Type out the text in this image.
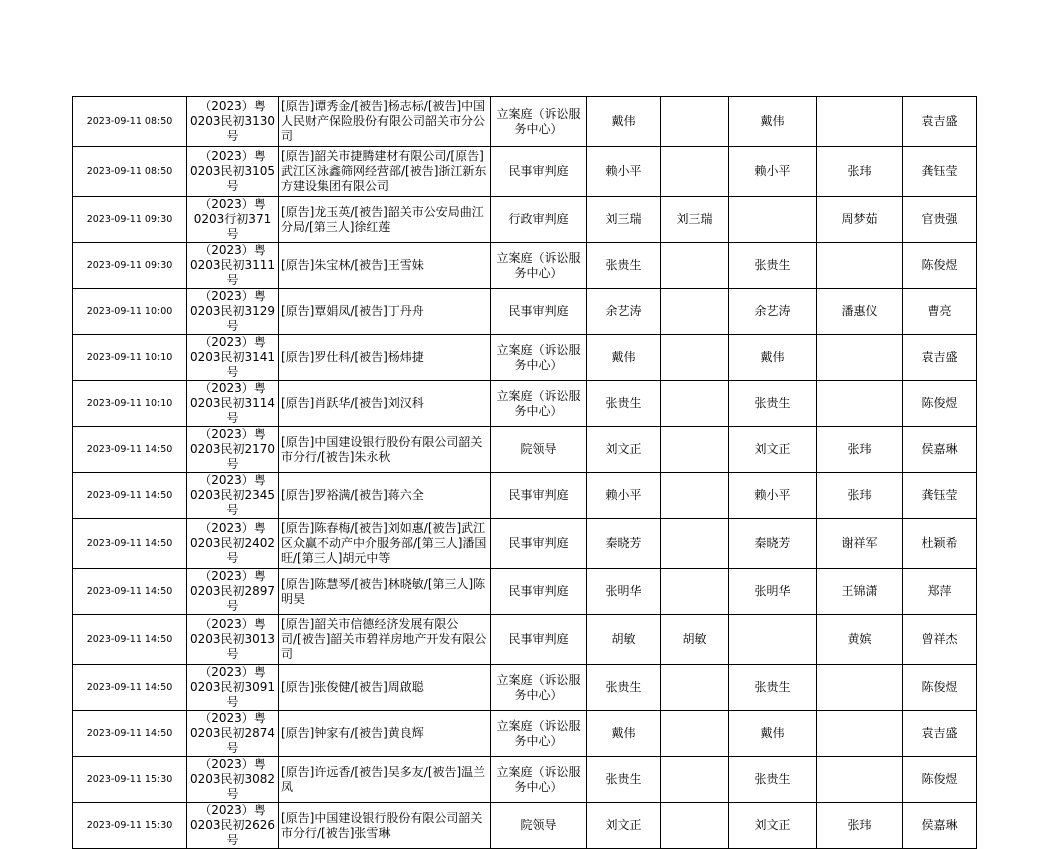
2023-09-11 08:50	（2023）粤0203民初3130号	[原告]谭秀金/[被告]杨志标/[被告]中国人民财产保险股份有限公司韶关市分公司	立案庭（诉讼服务中心）	戴伟		戴伟		袁吉盛
2023-09-11 08:50	（2023）粤0203民初3105号	[原告]韶关市捷腾建材有限公司/[原告]武江区泳鑫筛网经营部/[被告]浙江新东方建设集团有限公司	民事审判庭	赖小平		赖小平	张玮	龚钰莹
2023-09-11 09:30	（2023）粤0203行初371号	[原告]龙玉英/[被告]韶关市公安局曲江分局/[第三人]徐红莲	行政审判庭	刘三瑞	刘三瑞		周梦茹	官贵强
2023-09-11 09:30	（2023）粤0203民初3111号	[原告]朱宝林/[被告]王雪妹	立案庭（诉讼服务中心）	张贵生		张贵生		陈俊煜
2023-09-11 10:00	（2023）粤0203民初3129号	[原告]覃娟凤/[被告]丁丹舟	民事审判庭	余艺涛		余艺涛	潘惠仪	曹亮
2023-09-11 10:10	（2023）粤0203民初3141号	[原告]罗仕科/[被告]杨炜捷	立案庭（诉讼服务中心）	戴伟		戴伟		袁吉盛
2023-09-11 10:10	（2023）粤0203民初3114号	[原告]肖跃华/[被告]刘汉科	立案庭（诉讼服务中心）	张贵生		张贵生		陈俊煜
2023-09-11 14:50	（2023）粤0203民初2170号	[原告]中国建设银行股份有限公司韶关市分行/[被告]朱永秋	院领导	刘文正		刘文正	张玮	侯嘉琳
2023-09-11 14:50	（2023）粤0203民初2345号	[原告]罗裕满/[被告]蒋六全	民事审判庭	赖小平		赖小平	张玮	龚钰莹
2023-09-11 14:50	（2023）粤0203民初2402号	[原告]陈春梅/[被告]刘如惠/[被告]武江区众赢不动产中介服务部/[第三人]潘国旺/[第三人]胡元中等	民事审判庭	秦晓芳		秦晓芳	谢祥军	杜颖希
2023-09-11 14:50	（2023）粤0203民初2897号	[原告]陈慧琴/[被告]林晓敏/[第三人]陈明昊	民事审判庭	张明华		张明华	王锦潇	郑萍
2023-09-11 14:50	（2023）粤0203民初3013号	[原告]韶关市信德经济发展有限公司/[被告]韶关市碧祥房地产开发有限公司	民事审判庭	胡敏	胡敏		黄嫔	曾祥杰
2023-09-11 14:50	（2023）粤0203民初3091号	[原告]张俊健/[被告]周啟聪	立案庭（诉讼服务中心）	张贵生		张贵生		陈俊煜
2023-09-11 14:50	（2023）粤0203民初2874号	[原告]钟家有/[被告]黄良辉	立案庭（诉讼服务中心）	戴伟		戴伟		袁吉盛
2023-09-11 15:30	（2023）粤0203民初3082号	[原告]许远香/[被告]吴多友/[被告]温兰凤	立案庭（诉讼服务中心）	张贵生		张贵生		陈俊煜
2023-09-11 15:30	（2023）粤0203民初2626号	[原告]中国建设银行股份有限公司韶关市分行/[被告]张雪琳	院领导	刘文正		刘文正	张玮	侯嘉琳
